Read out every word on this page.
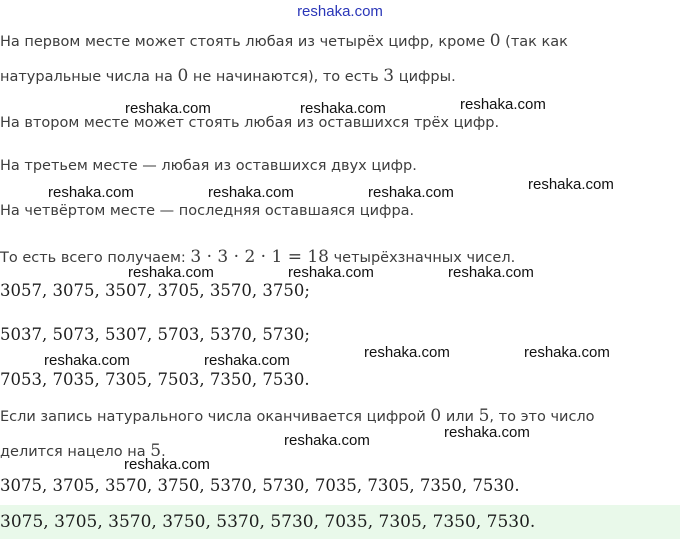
reshaka.com
На первом месте может стоять любая из четырёх цифр, кроме 0 (так как
натуральные числа на 0 не начинаются), то есть 3 цифры.
На втором месте может стоять любая из оставшихся трёх цифр.
На третьем месте — любая из оставшихся двух цифр.
На четвёртом месте — последняя оставшаяся цифра.
То есть всего получаем: 3 · 3 · 2 · 1 = 18 четырёхзначных чисел.
3057, 3075, 3507, 3705, 3570, 3750;
5037, 5073, 5307, 5703, 5370, 5730;
7053, 7035, 7305, 7503, 7350, 7530.
Если запись натурального числа оканчивается цифрой 0 или 5, то это число
делится нацело на 5.
3075, 3705, 3570, 3750, 5370, 5730, 7035, 7305, 7350, 7530.
3075, 3705, 3570, 3750, 5370, 5730, 7035, 7305, 7350, 7530.
reshaka.com	reshaka.com	reshaka.com
reshaka.com
reshaka.com	reshaka.com	reshaka.com
reshaka.com	reshaka.com	reshaka.com
reshaka.com	reshaka.com	reshaka.com	reshaka.com
reshaka.com	reshaka.com
reshaka.com
